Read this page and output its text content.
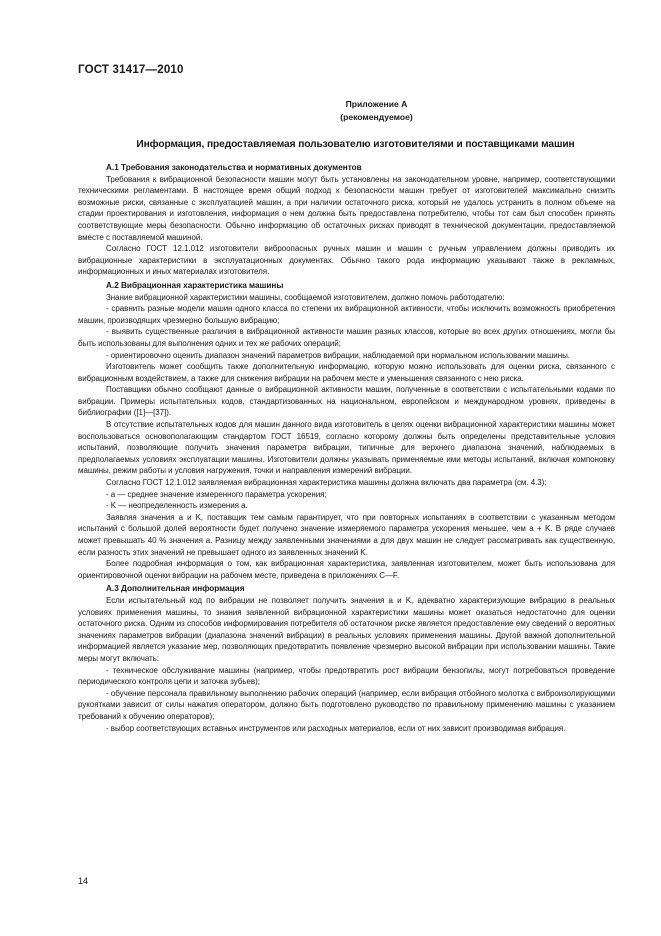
ГОСТ 31417—2010
Приложение А
(рекомендуемое)
Информация, предоставляемая пользователю изготовителями и поставщиками машин
А.1 Требования законодательства и нормативных документов

Требования к вибрационной безопасности машин могут быть установлены на законодательном уровне, например, соответствующими техническими регламентами. В настоящее время общий подход к безопасности машин требует от изготовителей максимально снизить возможные риски, связанные с эксплуатацией машин, а при наличии остаточного риска, который не удалось устранить в полном объеме на стадии проектирования и изготовления, информация о нем должна быть предоставлена потребителю, чтобы тот сам был способен принять соответствующие меры безопасности. Обычно информацию об остаточных рисках приводят в технической документации, предоставляемой вместе с поставляемой машиной.

Согласно ГОСТ 12.1.012 изготовители виброопасных ручных машин и машин с ручным управлением должны приводить их вибрационные характеристики в эксплуатационных документах. Обычно такого рода информацию указывают также в рекламных, информационных и иных материалах изготовителя.

А.2 Вибрационная характеристика машины

Знание вибрационной характеристики машины, сообщаемой изготовителем, должно помочь работодателю:

- сравнить разные модели машин одного класса по степени их вибрационной активности, чтобы исключить возможность приобретения машин, производящих чрезмерно большую вибрацию;

- выявить существенные различия в вибрационной активности машин разных классов, которые во всех других отношениях, могли бы быть использованы для выполнения одних и тех же рабочих операций;

- ориентировочно оценить диапазон значений параметров вибрации, наблюдаемой при нормальном использовании машины.

Изготовитель может сообщить также дополнительную информацию, которую можно использовать для оценки риска, связанного с вибрационным воздействием, а также для снижения вибрации на рабочем месте и уменьшения связанного с нею риска.

Поставщики обычно сообщают данные о вибрационной активности машин, полученные в соответствии с испытательными кодами по вибрации. Примеры испытательных кодов, стандартизованных на национальном, европейском и международном уровнях, приведены в библиографии ([1]—[37]).

В отсутствие испытательных кодов для машин данного вида изготовитель в целях оценки вибрационной характеристики машины может воспользоваться основополагающим стандартом ГОСТ 16519, согласно которому должны быть определены представительные условия испытаний, позволяющие получить значения параметра вибрации, типичные для верхнего диапазона значений, наблюдаемых в предполагаемых условиях эксплуатации машины. Изготовители должны указывать применяемые ими методы испытаний, включая компоновку машины, режим работы и условия нагружения, точки и направления измерений вибрации.

Согласно ГОСТ 12.1.012 заявляемая вибрационная характеристика машины должна включать два параметра (см. 4.3):

- a — среднее значение измеренного параметра ускорения;

- K — неопределенность измерения a.

Заявляя значения a и K, поставщик тем самым гарантирует, что при повторных испытаниях в соответствии с указанным методом испытаний с большой долей вероятности будет получено значение измеряемого параметра ускорения меньшее, чем a + K. В ряде случаев может превышать 40 % значения a. Разницу между заявленными значениями a для двух машин не следует рассматривать как существенную, если разность этих значений не превышает одного из заявленных значений K.

Более подробная информация о том, как вибрационная характеристика, заявленная изготовителем, может быть использована для ориентировочной оценки вибрации на рабочем месте, приведена в приложениях С—F.

А.3 Дополнительная информация

Если испытательный код по вибрации не позволяет получить значения a и K, адекватно характеризующие вибрацию в реальных условиях применения машины, то знания заявленной вибрационной характеристики машины может оказаться недостаточно для оценки остаточного риска. Одним из способов информирования потребителя об остаточном риске является предоставление ему сведений о вероятных значениях параметров вибрации (диапазона значений вибрации) в реальных условиях применения машины. Другой важной дополнительной информацией является указание мер, позволяющих предотвратить появление чрезмерно высокой вибрации при использовании машины. Такие меры могут включать:

- техническое обслуживание машины (например, чтобы предотвратить рост вибрации бензопилы, могут потребоваться проведение периодического контроля цепи и заточка зубьев);

- обучение персонала правильному выполнению рабочих операций (например, если вибрация отбойного молотка с виброизолирующими рукоятками зависит от силы нажатия оператором, должно быть подготовлено руководство по правильному применению машины с указанием требований к обучению операторов);

- выбор соответствующих вставных инструментов или расходных материалов, если от них зависит производимая вибрация.

14
